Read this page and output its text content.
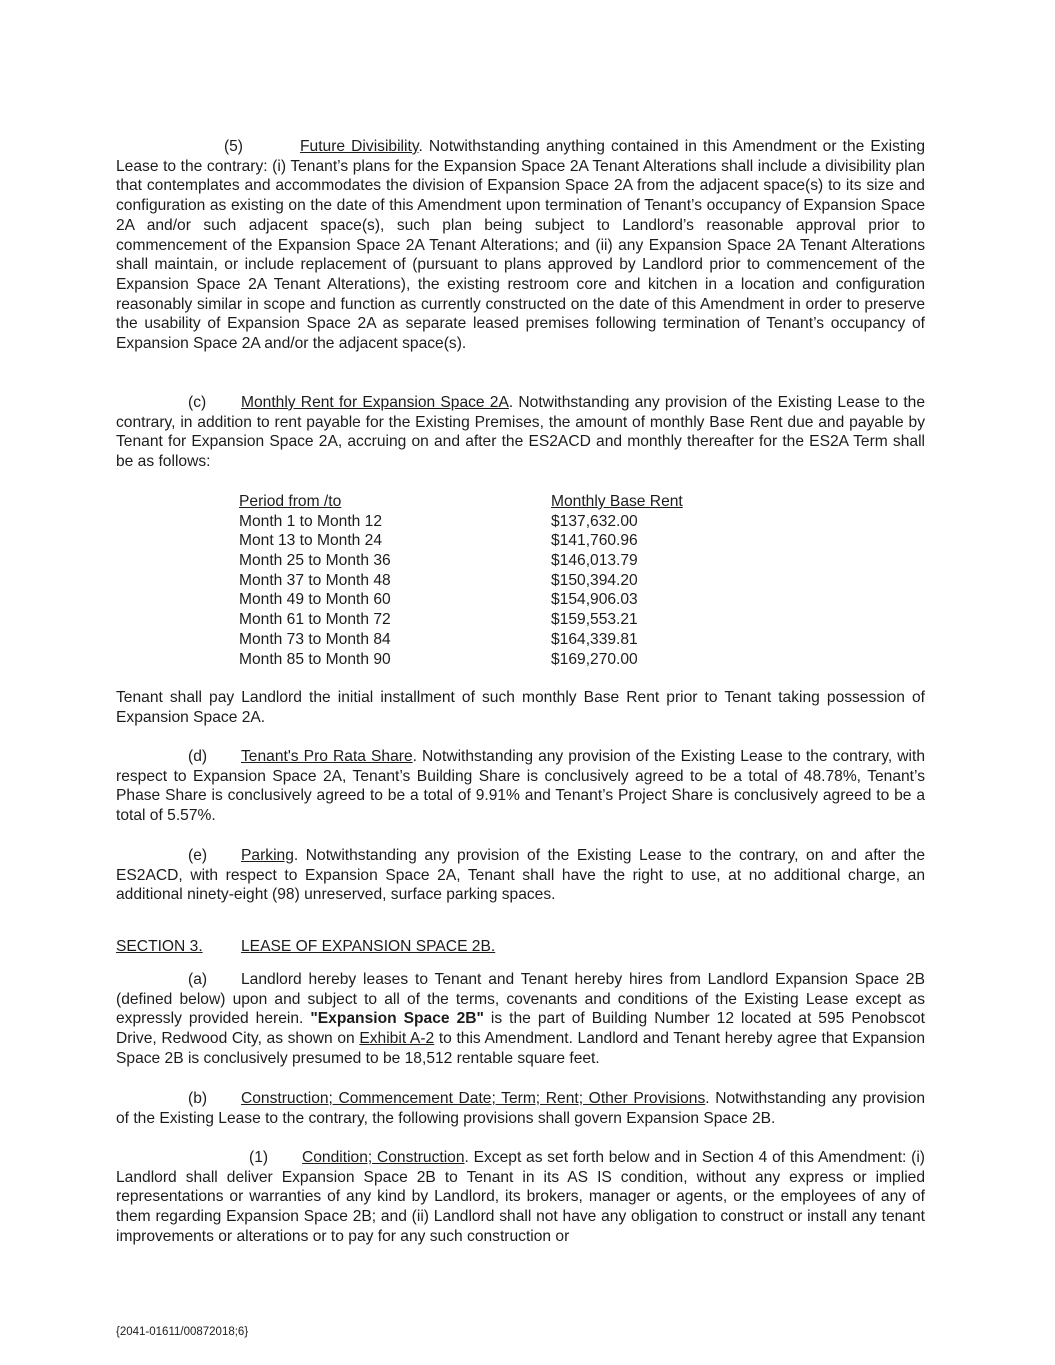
(5)	Future Divisibility. Notwithstanding anything contained in this Amendment or the Existing Lease to the contrary: (i) Tenant’s plans for the Expansion Space 2A Tenant Alterations shall include a divisibility plan that contemplates and accommodates the division of Expansion Space 2A from the adjacent space(s) to its size and configuration as existing on the date of this Amendment upon termination of Tenant’s occupancy of Expansion Space 2A and/or such adjacent space(s), such plan being subject to Landlord’s reasonable approval prior to commencement of the Expansion Space 2A Tenant Alterations; and (ii) any Expansion Space 2A Tenant Alterations shall maintain, or include replacement of (pursuant to plans approved by Landlord prior to commencement of the Expansion Space 2A Tenant Alterations), the existing restroom core and kitchen in a location and configuration reasonably similar in scope and function as currently constructed on the date of this Amendment in order to preserve the usability of Expansion Space 2A as separate leased premises following termination of Tenant’s occupancy of Expansion Space 2A and/or the adjacent space(s).

(c) Monthly Rent for Expansion Space 2A. Notwithstanding any provision of the Existing Lease to the contrary, in addition to rent payable for the Existing Premises, the amount of monthly Base Rent due and payable by Tenant for Expansion Space 2A, accruing on and after the ES2ACD and monthly thereafter for the ES2A Term shall be as follows:

Period from /to	Monthly Base Rent
Month 1 to Month 12	$137,632.00
Mont 13 to Month 24	$141,760.96
Month 25 to Month 36	$146,013.79
Month 37 to Month 48	$150,394.20
Month 49 to Month 60	$154,906.03
Month 61 to Month 72	$159,553.21
Month 73 to Month 84	$164,339.81
Month 85 to Month 90	$169,270.00

Tenant shall pay Landlord the initial installment of such monthly Base Rent prior to Tenant taking possession of Expansion Space 2A.

(d) Tenant's Pro Rata Share. Notwithstanding any provision of the Existing Lease to the contrary, with respect to Expansion Space 2A, Tenant’s Building Share is conclusively agreed to be a total of 48.78%, Tenant’s Phase Share is conclusively agreed to be a total of 9.91% and Tenant’s Project Share is conclusively agreed to be a total of 5.57%.

(e) Parking. Notwithstanding any provision of the Existing Lease to the contrary, on and after the ES2ACD, with respect to Expansion Space 2A, Tenant shall have the right to use, at no additional charge, an additional ninety-eight (98) unreserved, surface parking spaces.

SECTION 3. LEASE OF EXPANSION SPACE 2B.

(a) Landlord hereby leases to Tenant and Tenant hereby hires from Landlord Expansion Space 2B (defined below) upon and subject to all of the terms, covenants and conditions of the Existing Lease except as expressly provided herein. "Expansion Space 2B" is the part of Building Number 12 located at 595 Penobscot Drive, Redwood City, as shown on Exhibit A-2 to this Amendment. Landlord and Tenant hereby agree that Expansion Space 2B is conclusively presumed to be 18,512 rentable square feet.

(b) Construction; Commencement Date; Term; Rent; Other Provisions. Notwithstanding any provision of the Existing Lease to the contrary, the following provisions shall govern Expansion Space 2B.

(1) Condition; Construction. Except as set forth below and in Section 4 of this Amendment: (i) Landlord shall deliver Expansion Space 2B to Tenant in its AS IS condition, without any express or implied representations or warranties of any kind by Landlord, its brokers, manager or agents, or the employees of any of them regarding Expansion Space 2B; and (ii) Landlord shall not have any obligation to construct or install any tenant improvements or alterations or to pay for any such construction or

{2041-01611/00872018;6}
